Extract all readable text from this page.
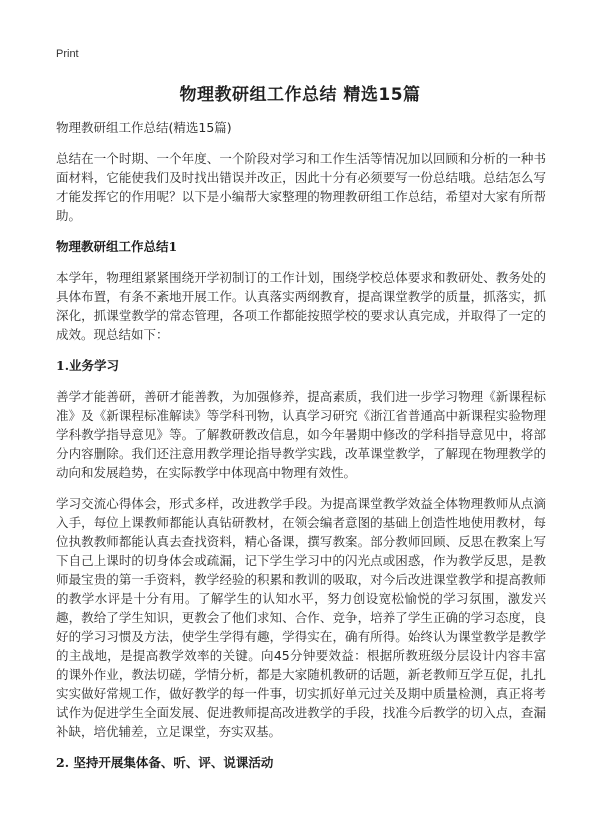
Print
物理教研组工作总结 精选15篇

物理教研组工作总结(精选15篇)

总结在一个时期、一个年度、一个阶段对学习和工作生活等情况加以回顾和分析的一种书面材料，它能使我们及时找出错误并改正，因此十分有必须要写一份总结哦。总结怎么写才能发挥它的作用呢？以下是小编帮大家整理的物理教研组工作总结，希望对大家有所帮助。

物理教研组工作总结1

本学年，物理组紧紧围绕开学初制订的工作计划，围绕学校总体要求和教研处、教务处的具体布置，有条不紊地开展工作。认真落实两纲教育，提高课堂教学的质量，抓落实，抓深化，抓课堂教学的常态管理，各项工作都能按照学校的要求认真完成，并取得了一定的成效。现总结如下：

1.业务学习

善学才能善研，善研才能善教，为加强修养，提高素质，我们进一步学习物理《新课程标准》及《新课程标准解读》等学科刊物，认真学习研究《浙江省普通高中新课程实验物理学科教学指导意见》等。了解教研教改信息，如今年暑期中修改的学科指导意见中，将部分内容删除。我们还注意用教学理论指导教学实践，改革课堂教学，了解现在物理教学的动向和发展趋势，在实际教学中体现高中物理有效性。

学习交流心得体会，形式多样，改进教学手段。为提高课堂教学效益全体物理教师从点滴入手，每位上课教师都能认真钻研教材，在领会编者意图的基础上创造性地使用教材，每位执教教师都能认真去查找资料，精心备课，撰写教案。部分教师回顾、反思在教案上写下自己上课时的切身体会或疏漏，记下学生学习中的闪光点或困惑，作为教学反思，是教师最宝贵的第一手资料，教学经验的积累和教训的吸取，对今后改进课堂教学和提高教师的教学水评是十分有用。了解学生的认知水平，努力创设宽松愉悦的学习氛围，激发兴趣，教给了学生知识，更教会了他们求知、合作、竞争，培养了学生正确的学习态度，良好的学习习惯及方法，使学生学得有趣，学得实在，确有所得。始终认为课堂教学是教学的主战地，是提高教学效率的关键。向45分钟要效益：根据所教班级分层设计内容丰富的课外作业，教法切磋，学情分析，都是大家随机教研的话题，新老教师互学互促，扎扎实实做好常规工作，做好教学的每一件事，切实抓好单元过关及期中质量检测，真正将考试作为促进学生全面发展、促进教师提高改进教学的手段，找准今后教学的切入点，查漏补缺，培优辅差，立足课堂，夯实双基。

2. 坚持开展集体备、听、评、说课活动
